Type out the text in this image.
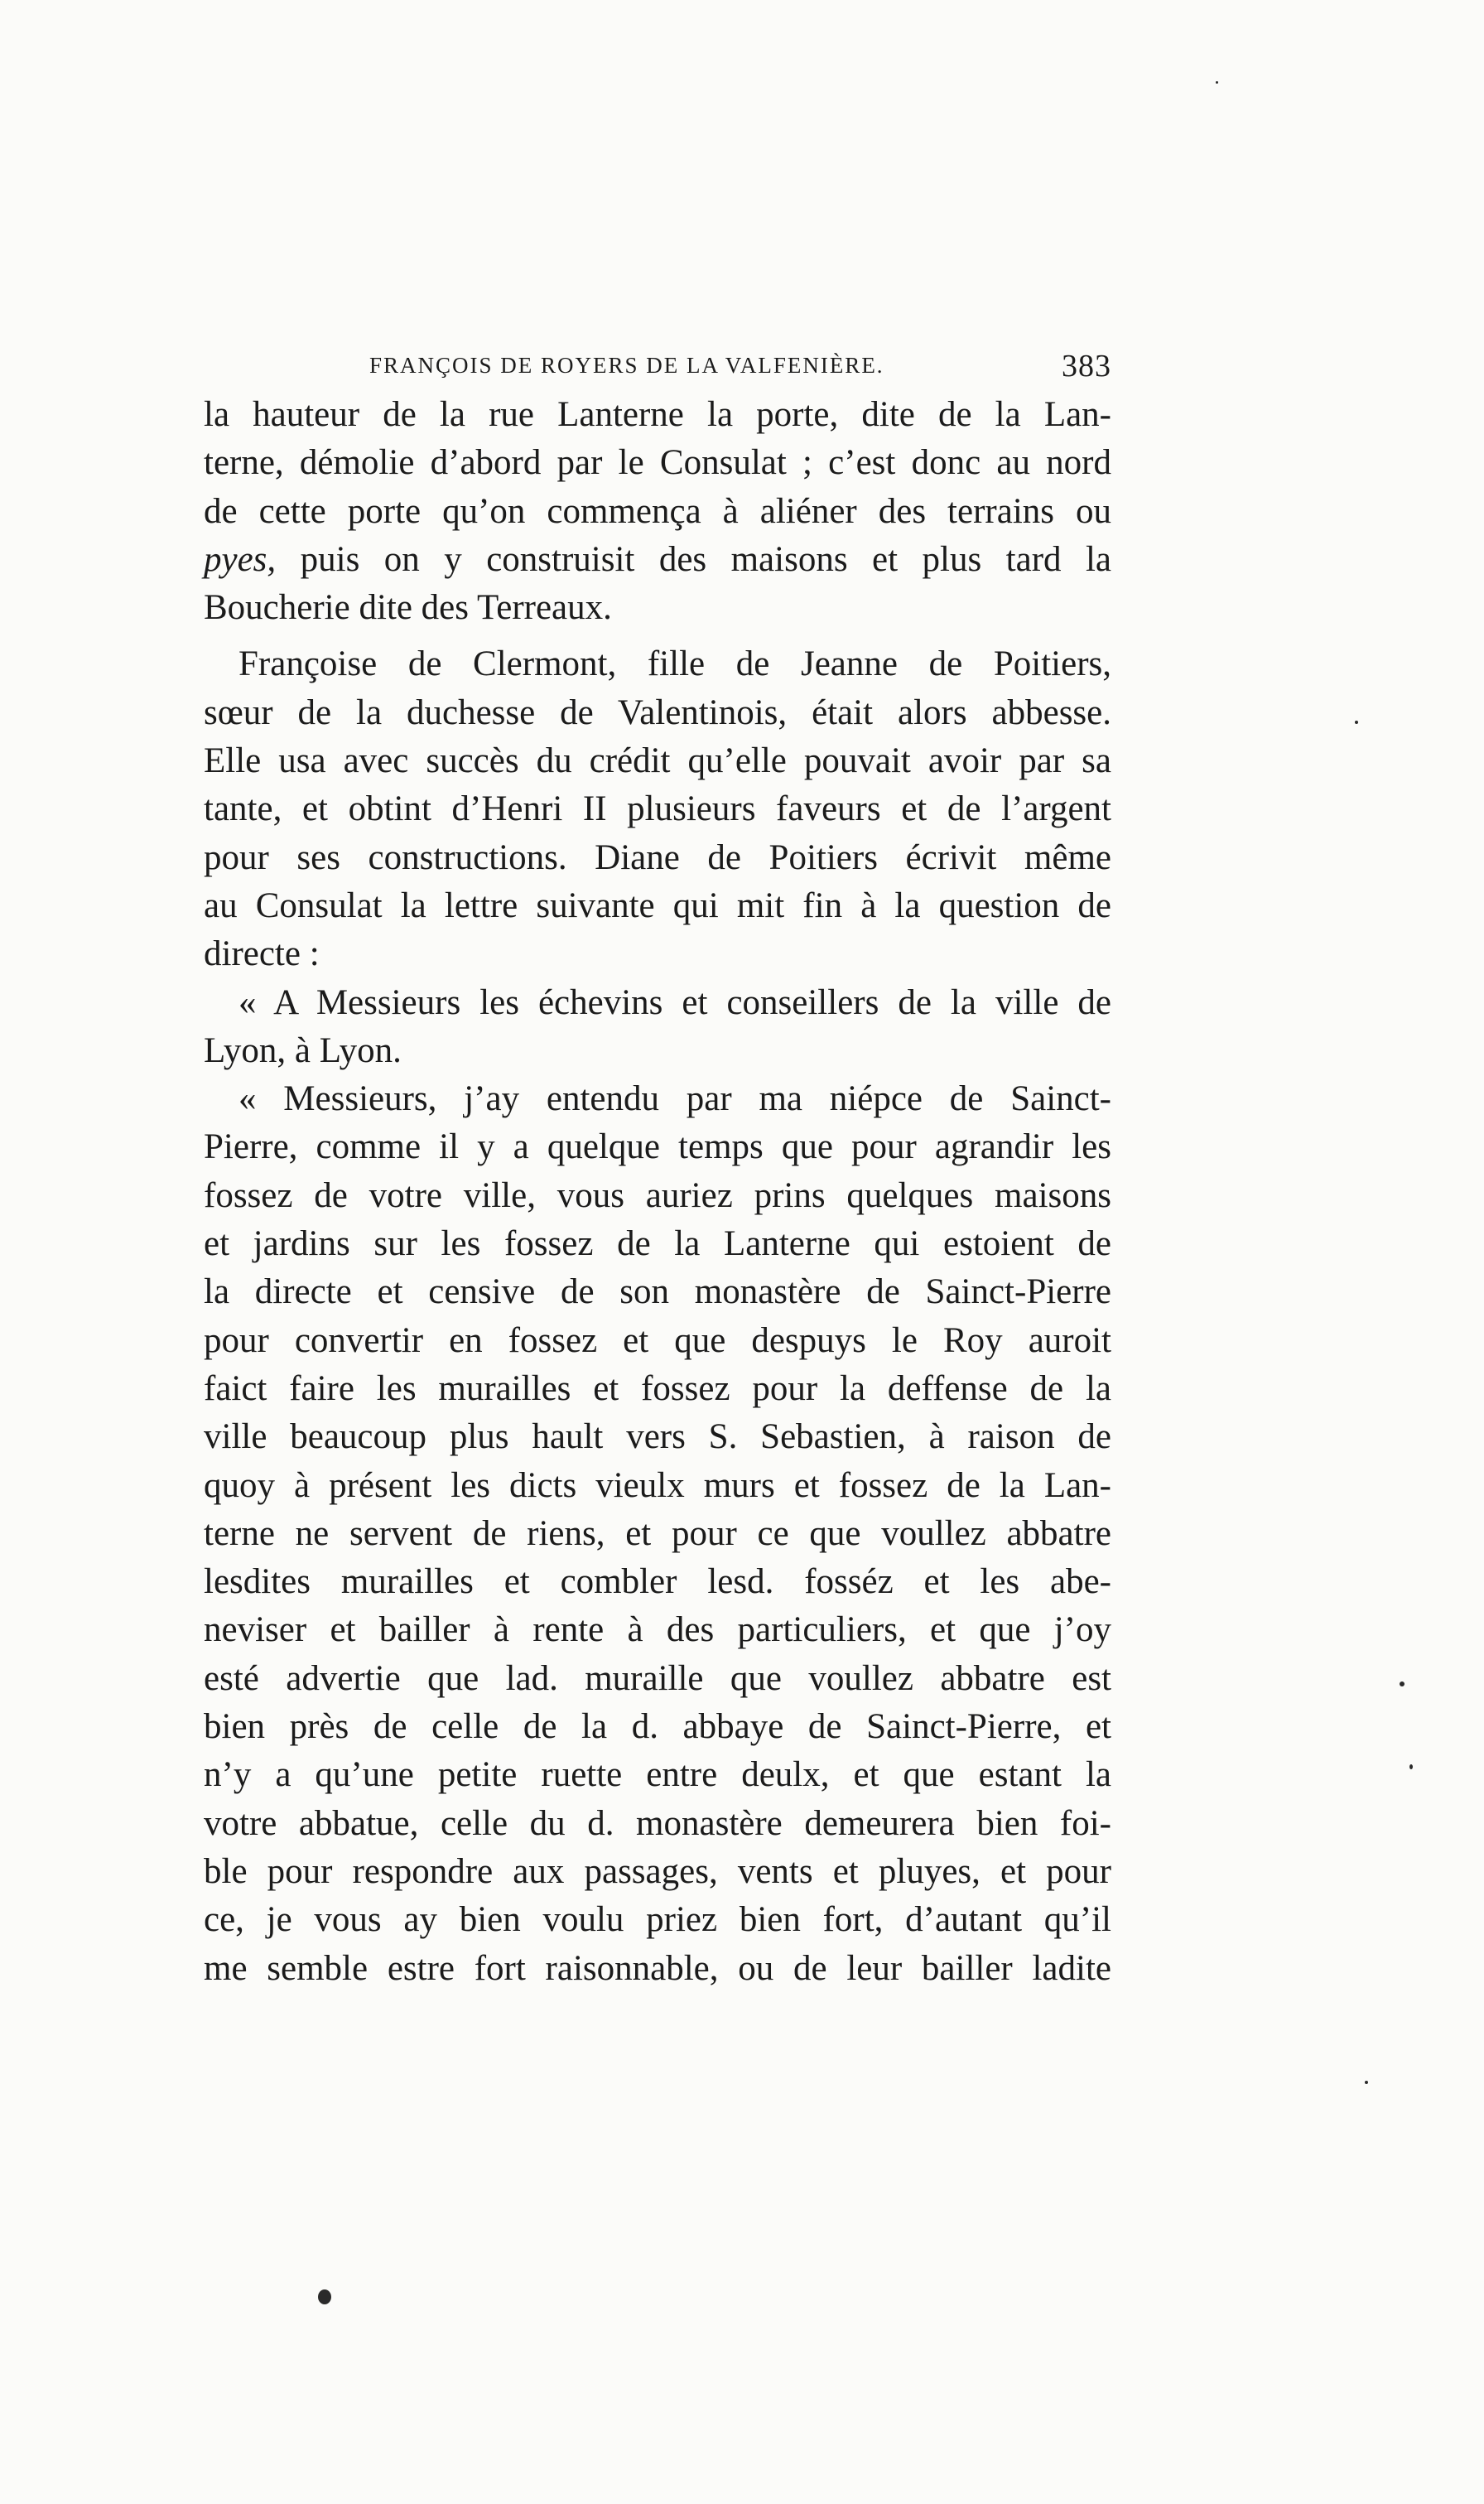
FRANÇOIS DE ROYERS DE LA VALFENIÈRE.	383
la hauteur de la rue Lanterne la porte, dite de la Lan-
terne, démolie d’abord par le Consulat ; c’est donc au nord
de cette porte qu’on commença à aliéner des terrains ou
pyes, puis on y construisit des maisons et plus tard la
Boucherie dite des Terreaux.
Françoise de Clermont, fille de Jeanne de Poitiers,
sœur de la duchesse de Valentinois, était alors abbesse.
Elle usa avec succès du crédit qu’elle pouvait avoir par sa
tante, et obtint d’Henri II plusieurs faveurs et de l’argent
pour ses constructions. Diane de Poitiers écrivit même
au Consulat la lettre suivante qui mit fin à la question de
directe :
« A Messieurs les échevins et conseillers de la ville de
Lyon, à Lyon.
« Messieurs, j’ay entendu par ma niépce de Sainct-
Pierre, comme il y a quelque temps que pour agrandir les
fossez de votre ville, vous auriez prins quelques maisons
et jardins sur les fossez de la Lanterne qui estoient de
la directe et censive de son monastère de Sainct-Pierre
pour convertir en fossez et que despuys le Roy auroit
faict faire les murailles et fossez pour la deffense de la
ville beaucoup plus hault vers S. Sebastien, à raison de
quoy à présent les dicts vieulx murs et fossez de la Lan-
terne ne servent de riens, et pour ce que voullez abbatre
lesdites murailles et combler lesd. fosséz et les abe-
neviser et bailler à rente à des particuliers, et que j’oy
esté advertie que lad. muraille que voullez abbatre est
bien près de celle de la d. abbaye de Sainct-Pierre, et
n’y a qu’une petite ruette entre deulx, et que estant la
votre abbatue, celle du d. monastère demeurera bien foi-
ble pour respondre aux passages, vents et pluyes, et pour
ce, je vous ay bien voulu priez bien fort, d’autant qu’il
me semble estre fort raisonnable, ou de leur bailler ladite
